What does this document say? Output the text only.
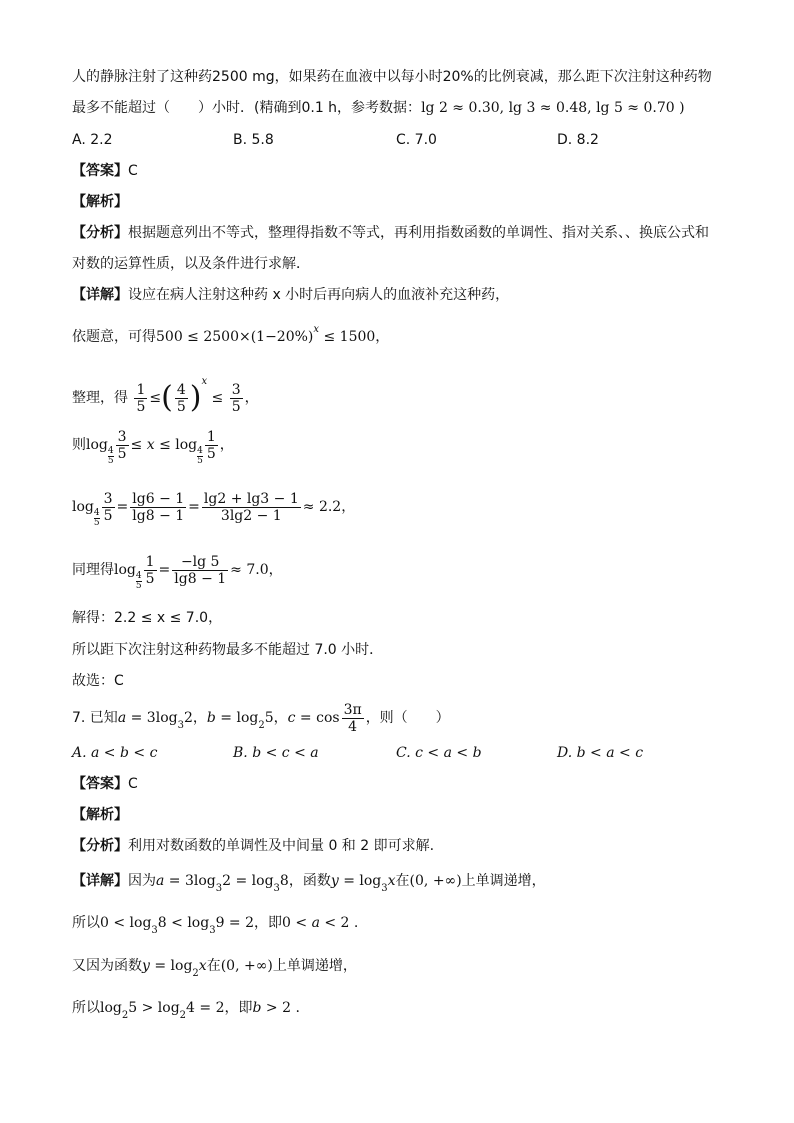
人的静脉注射了这种药2500 mg，如果药在血液中以每小时20%的比例衰减，那么距下次注射这种药物
最多不能超过（　　）小时．(精确到0.1 h，参考数据：lg 2 ≈ 0.30, lg 3 ≈ 0.48, lg 5 ≈ 0.70 )
A. 2.2	B. 5.8	C. 7.0	D. 8.2
【答案】C
【解析】
【分析】根据题意列出不等式，整理得指数不等式，再利用指数函数的单调性、指对关系、、换底公式和
对数的运算性质，以及条件进行求解．
【详解】设应在病人注射这种药 x 小时后再向病人的血液补充这种药，
依题意，可得$500 \le 2500\times(1-20\%)^x \le 1500$，
整理，得 $\frac{1}{5}$ ≤( $\frac{4}{5} )^x \le \frac{3}{5}$ ，
则log
$\frac{4}{5} \frac{3}{5} \le x \le \log$
$\frac{4}{5} \frac{1}{5}$ ，
log
$\frac{4}{5} \frac{3}{5} = \frac{\lg 6 - 1}{\lg 8 - 1} = \frac{\lg 2 + \lg 3 - 1}{3\lg 2 - 1} \approx 2.2$，
同理得log
$\frac{4}{5} \frac{1}{5} = \frac{-\lg 5}{\lg 8 - 1} \approx 7.0$，
解得：2.2 ≤ x ≤ 7.0，
所以距下次注射这种药物最多不能超过 7.0 小时．
故选：C
7. 已知$a = 3\log_32$，$b = \log_25$，$c = \cos \frac{3\pi}{4}$ ，则（　　）
A. a < b < c	B. b < c < a	C. c < a < b	D. b < a < c
【答案】C
【解析】
【分析】利用对数函数的单调性及中间量 0 和 2 即可求解.
【详解】因为$a = 3\log_32 = \log_38$，函数$y = \log_3x$在(0, +∞)上单调递增，
所以$0 < \log_38 < \log_39 = 2$，即0 < a < 2 .
又因为函数$y = \log_2x$在(0, +∞)上单调递增，
所以$\log_25 > \log_24 = 2$，即b > 2 .
